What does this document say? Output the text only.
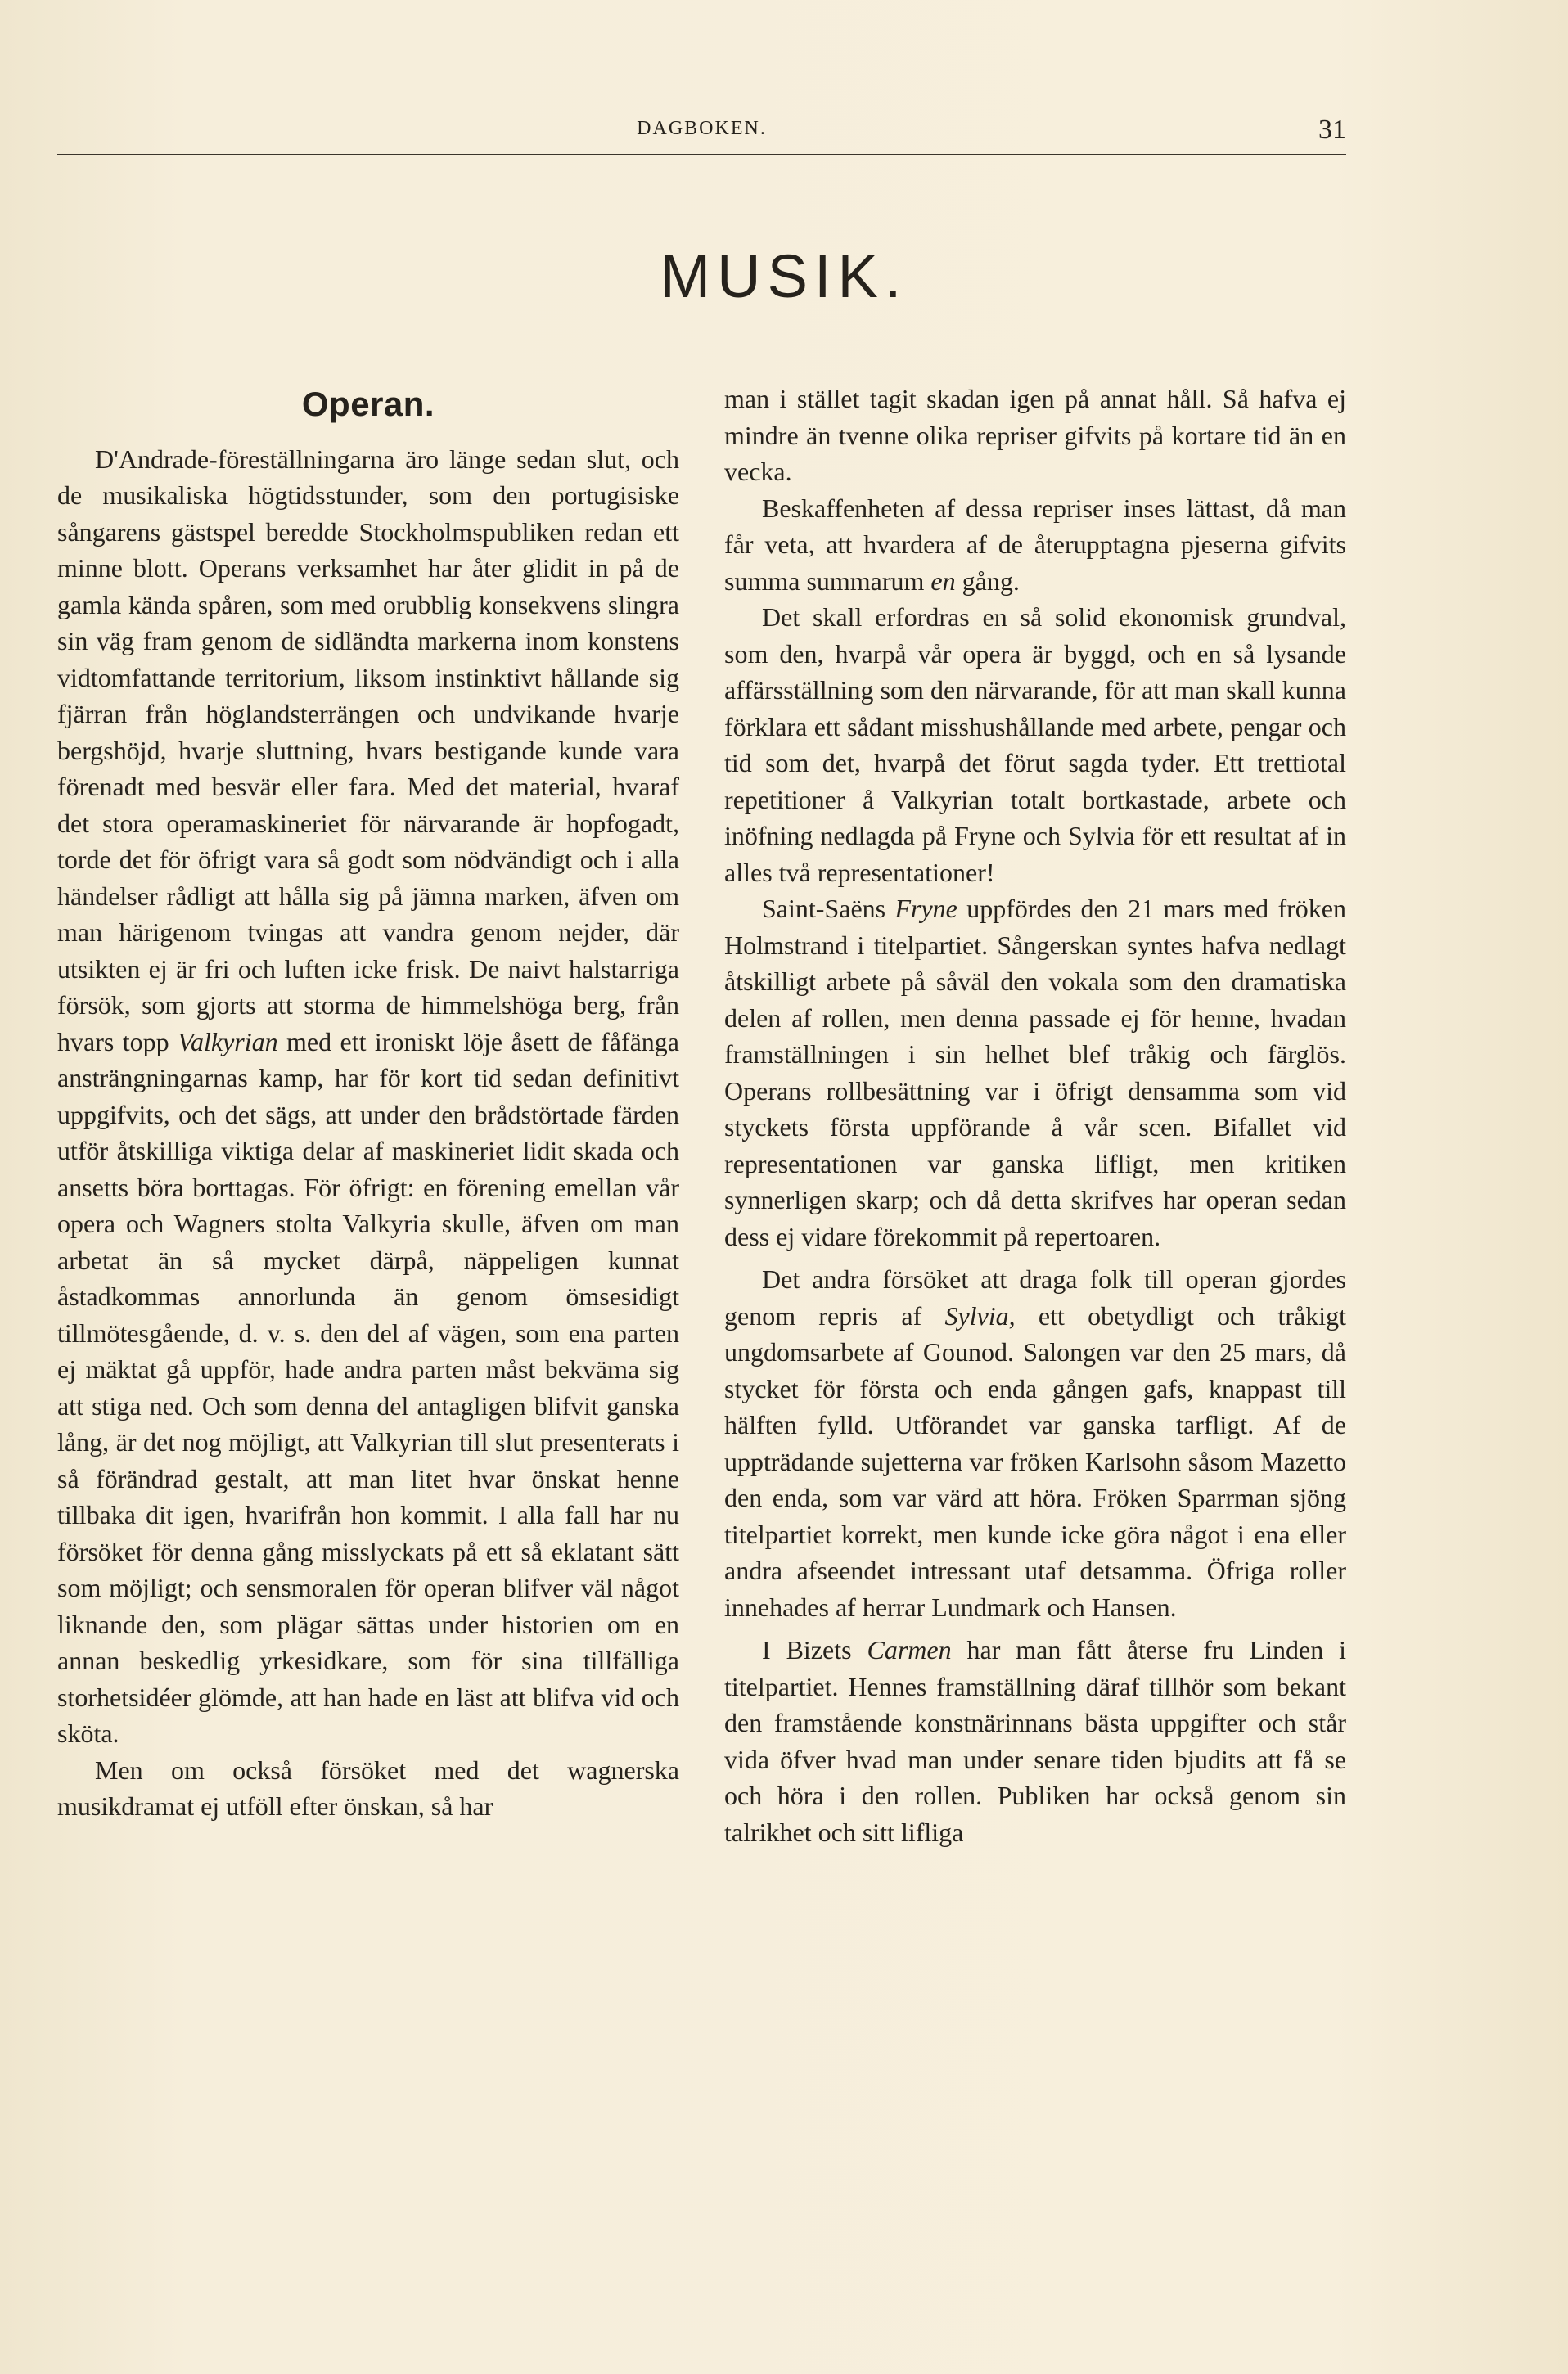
DAGBOKEN.	31
MUSIK.
Operan.

D'Andrade-föreställningarna äro länge sedan slut, och de musikaliska högtidsstunder, som den portugisiske sångarens gästspel beredde Stockholmspubliken redan ett minne blott. Operans verksamhet har åter glidit in på de gamla kända spåren, som med orubblig konsekvens slingra sin väg fram genom de sidländta markerna inom konstens vidtomfattande territorium, liksom instinktivt hållande sig fjärran från höglandsterrängen och undvikande hvarje bergshöjd, hvarje sluttning, hvars bestigande kunde vara förenadt med besvär eller fara. Med det material, hvaraf det stora operamaskineriet för närvarande är hopfogadt, torde det för öfrigt vara så godt som nödvändigt och i alla händelser rådligt att hålla sig på jämna marken, äfven om man härigenom tvingas att vandra genom nejder, där utsikten ej är fri och luften icke frisk. De naivt halstarriga försök, som gjorts att storma de himmelshöga berg, från hvars topp Valkyrian med ett ironiskt löje åsett de fåfänga ansträngningarnas kamp, har för kort tid sedan definitivt uppgifvits, och det sägs, att under den brådstörtade färden utför åtskilliga viktiga delar af maskineriet lidit skada och ansetts böra borttagas. För öfrigt: en förening emellan vår opera och Wagners stolta Valkyria skulle, äfven om man arbetat än så mycket därpå, näppeligen kunnat åstadkommas annorlunda än genom ömsesidigt tillmötesgående, d. v. s. den del af vägen, som ena parten ej mäktat gå uppför, hade andra parten måst bekväma sig att stiga ned. Och som denna del antagligen blifvit ganska lång, är det nog möjligt, att Valkyrian till slut presenterats i så förändrad gestalt, att man litet hvar önskat henne tillbaka dit igen, hvarifrån hon kommit. I alla fall har nu försöket för denna gång misslyckats på ett så eklatant sätt som möjligt; och sensmoralen för operan blifver väl något liknande den, som plägar sättas under historien om en annan beskedlig yrkesidkare, som för sina tillfälliga storhetsidéer glömde, att han hade en läst att blifva vid och sköta.

Men om också försöket med det wagnerska musikdramat ej utföll efter önskan, så har

man i stället tagit skadan igen på annat håll. Så hafva ej mindre än tvenne olika repriser gifvits på kortare tid än en vecka.

Beskaffenheten af dessa repriser inses lättast, då man får veta, att hvardera af de återupptagna pjeserna gifvits summa summarum en gång.

Det skall erfordras en så solid ekonomisk grundval, som den, hvarpå vår opera är byggd, och en så lysande affärsställning som den närvarande, för att man skall kunna förklara ett sådant misshushållande med arbete, pengar och tid som det, hvarpå det förut sagda tyder. Ett trettiotal repetitioner å Valkyrian totalt bortkastade, arbete och inöfning nedlagda på Fryne och Sylvia för ett resultat af in alles två representationer!

Saint-Saëns Fryne uppfördes den 21 mars med fröken Holmstrand i titelpartiet. Sångerskan syntes hafva nedlagt åtskilligt arbete på såväl den vokala som den dramatiska delen af rollen, men denna passade ej för henne, hvadan framställningen i sin helhet blef tråkig och färglös. Operans rollbesättning var i öfrigt densamma som vid styckets första uppförande å vår scen. Bifallet vid representationen var ganska lifligt, men kritiken synnerligen skarp; och då detta skrifves har operan sedan dess ej vidare förekommit på repertoaren.

Det andra försöket att draga folk till operan gjordes genom repris af Sylvia, ett obetydligt och tråkigt ungdomsarbete af Gounod. Salongen var den 25 mars, då stycket för första och enda gången gafs, knappast till hälften fylld. Utförandet var ganska tarfligt. Af de uppträdande sujetterna var fröken Karlsohn såsom Mazetto den enda, som var värd att höra. Fröken Sparrman sjöng titelpartiet korrekt, men kunde icke göra något i ena eller andra afseendet intressant utaf detsamma. Öfriga roller innehades af herrar Lundmark och Hansen.

I Bizets Carmen har man fått återse fru Linden i titelpartiet. Hennes framställning däraf tillhör som bekant den framstående konstnärinnans bästa uppgifter och står vida öfver hvad man under senare tiden bjudits att få se och höra i den rollen. Publiken har också genom sin talrikhet och sitt lifliga
